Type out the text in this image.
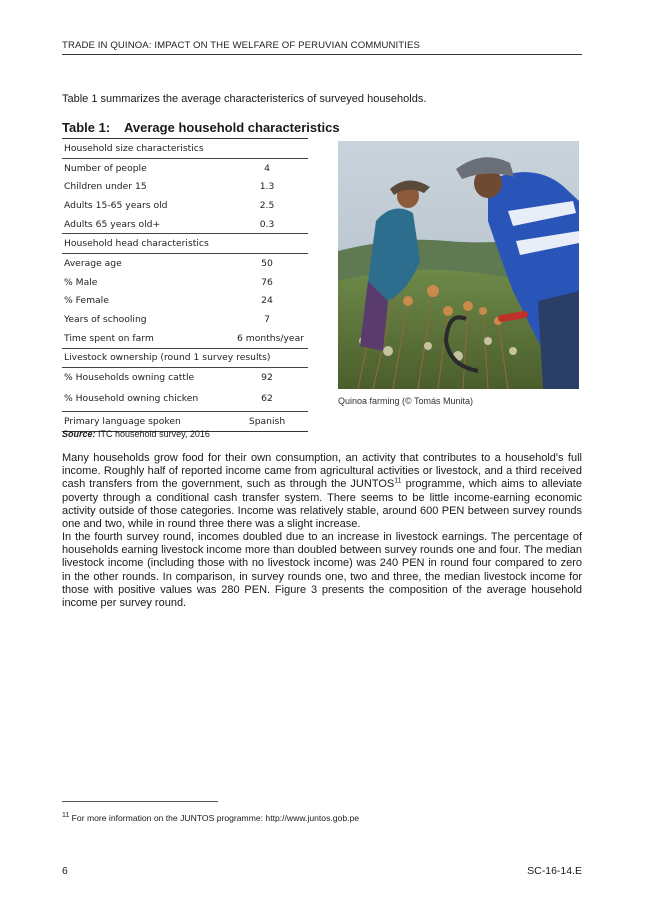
TRADE IN QUINOA: IMPACT ON THE WELFARE OF PERUVIAN COMMUNITIES
Table 1 summarizes the average characteristerics of surveyed households.
Table 1: Average household characteristics
Household size characteristics	
Number of people	4
Children under 15	1.3
Adults 15-65 years old	2.5
Adults 65 years old+	0.3
Household head characteristics	
Average age	50
% Male	76
% Female	24
Years of schooling	7
Time spent on farm	6 months/year
Livestock ownership (round 1 survey results)	
% Households owning cattle	92
% Household owning chicken	62
Primary language spoken	Spanish
Source: ITC household survey, 2016
Quinoa farming (© Tomás Munita)
Many households grow food for their own consumption, an activity that contributes to a household's full income. Roughly half of reported income came from agricultural activities or livestock, and a third received cash transfers from the government, such as through the JUNTOS$^{11}$ programme, which aims to alleviate poverty through a conditional cash transfer system. There seems to be little income-earning economic activity outside of those categories. Income was relatively stable, around 600 PEN between survey rounds one and two, while in round three there was a slight increase.
In the fourth survey round, incomes doubled due to an increase in livestock earnings. The percentage of households earning livestock income more than doubled between survey rounds one and four. The median livestock income (including those with no livestock income) was 240 PEN in round four compared to zero in the other rounds. In comparison, in survey rounds one, two and three, the median livestock income for those with positive values was 280 PEN. Figure 3 presents the composition of the average household income per survey round.
$^{11}$ For more information on the JUNTOS programme: http://www.juntos.gob.pe
6	SC-16-14.E
